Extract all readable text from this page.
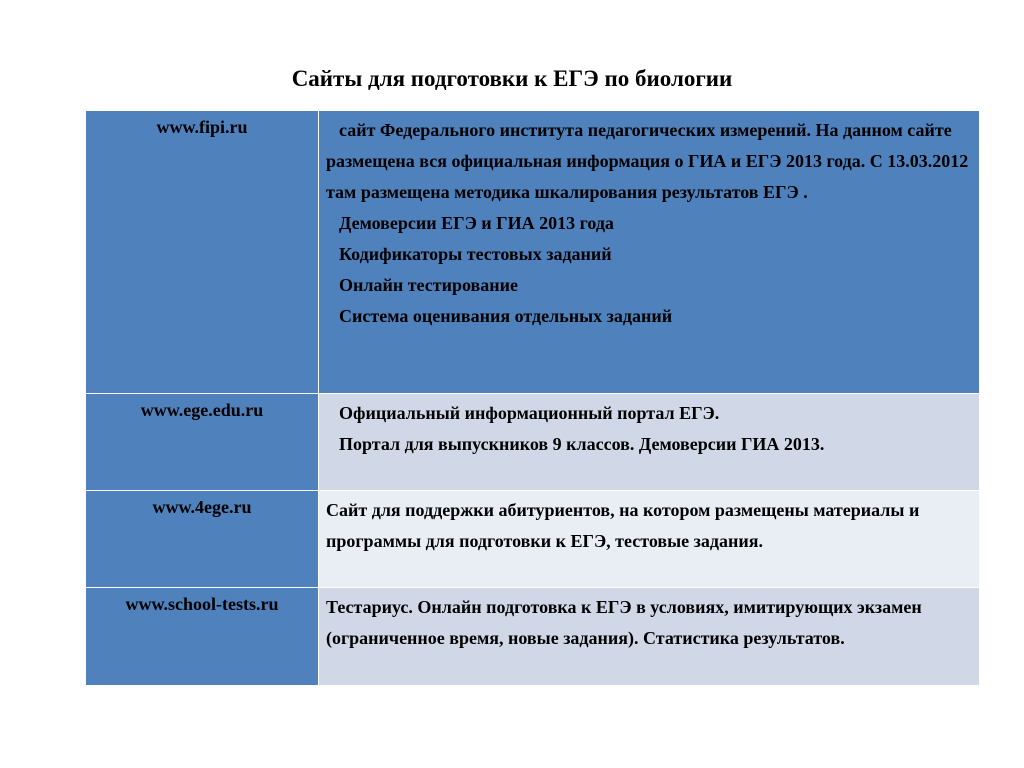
Сайты для подготовки к ЕГЭ по биологии
www.fipi.ru	сайт Федерального института педагогических измерений. На данном сайте размещена вся официальная информация о ГИА и ЕГЭ 2013 года. С 13.03.2012 там размещена методика шкалирования результатов ЕГЭ .
Демоверсии ЕГЭ и ГИА 2013 года
Кодификаторы тестовых заданий
Онлайн тестирование
Система оценивания отдельных заданий

www.ege.edu.ru	Официальный информационный портал ЕГЭ.
Портал для выпускников 9 классов. Демоверсии ГИА 2013.

www.4ege.ru	Сайт для поддержки абитуриентов, на котором размещены материалы и программы для подготовки к ЕГЭ, тестовые задания.
www.school-tests.ru	Тестариус. Онлайн подготовка к ЕГЭ в условиях, имитирующих экзамен (ограниченное время, новые задания). Статистика результатов.
